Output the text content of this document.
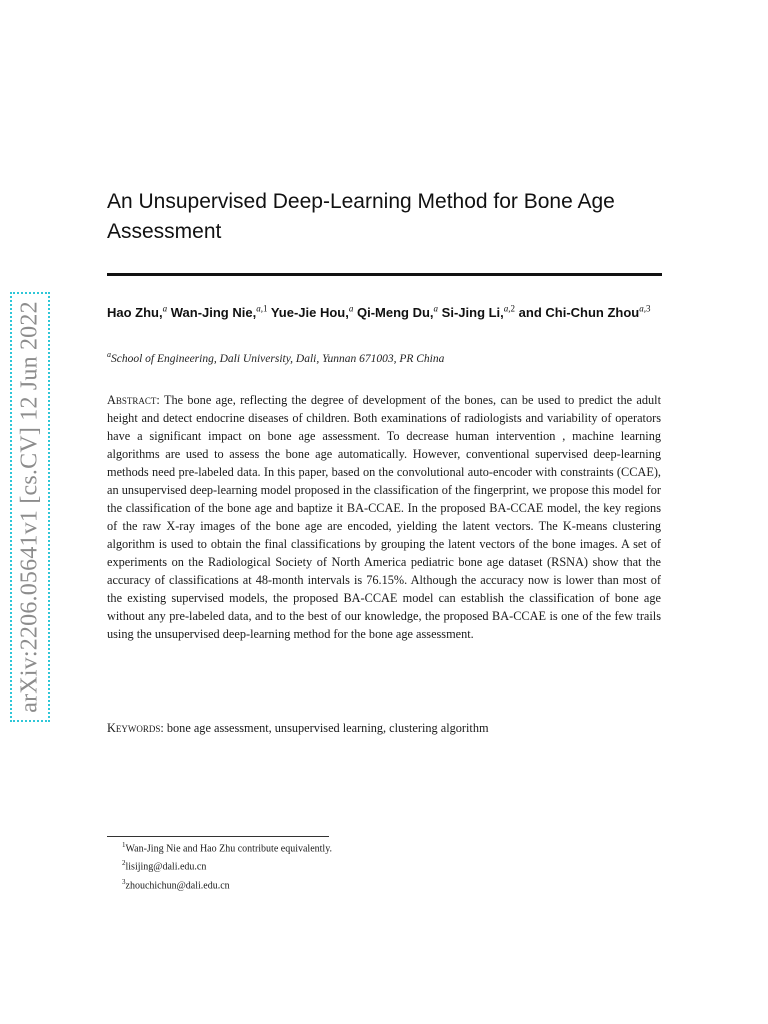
arXiv:2206.05641v1 [cs.CV] 12 Jun 2022
An Unsupervised Deep-Learning Method for Bone Age Assessment
Hao Zhu,$^a$ Wan-Jing Nie,$^{a,1}$ Yue-Jie Hou,$^a$ Qi-Meng Du,$^a$ Si-Jing Li,$^{a,2}$ and Chi-Chun Zhou$^{a,3}$
$^a$School of Engineering, Dali University, Dali, Yunnan 671003, PR China

Abstract: The bone age, reflecting the degree of development of the bones, can be used to predict the adult height and detect endocrine diseases of children. Both examinations of radiologists and variability of operators have a significant impact on bone age assessment. To decrease human intervention , machine learning algorithms are used to assess the bone age automatically. However, conventional supervised deep-learning methods need pre-labeled data. In this paper, based on the convolutional auto-encoder with constraints (CCAE), an unsupervised deep-learning model proposed in the classification of the fingerprint, we propose this model for the classification of the bone age and baptize it BA-CCAE. In the proposed BA-CCAE model, the key regions of the raw X-ray images of the bone age are encoded, yielding the latent vectors. The K-means clustering algorithm is used to obtain the final classifications by grouping the latent vectors of the bone images. A set of experiments on the Radiological Society of North America pediatric bone age dataset (RSNA) show that the accuracy of classifications at 48-month intervals is 76.15%. Although the accuracy now is lower than most of the existing supervised models, the proposed BA-CCAE model can establish the classification of bone age without any pre-labeled data, and to the best of our knowledge, the proposed BA-CCAE is one of the few trails using the unsupervised deep-learning method for the bone age assessment.

Keywords: bone age assessment, unsupervised learning, clustering algorithm
$^1$Wan-Jing Nie and Hao Zhu contribute equivalently.
$^2$lisijing@dali.edu.cn
$^3$zhouchichun@dali.edu.cn
